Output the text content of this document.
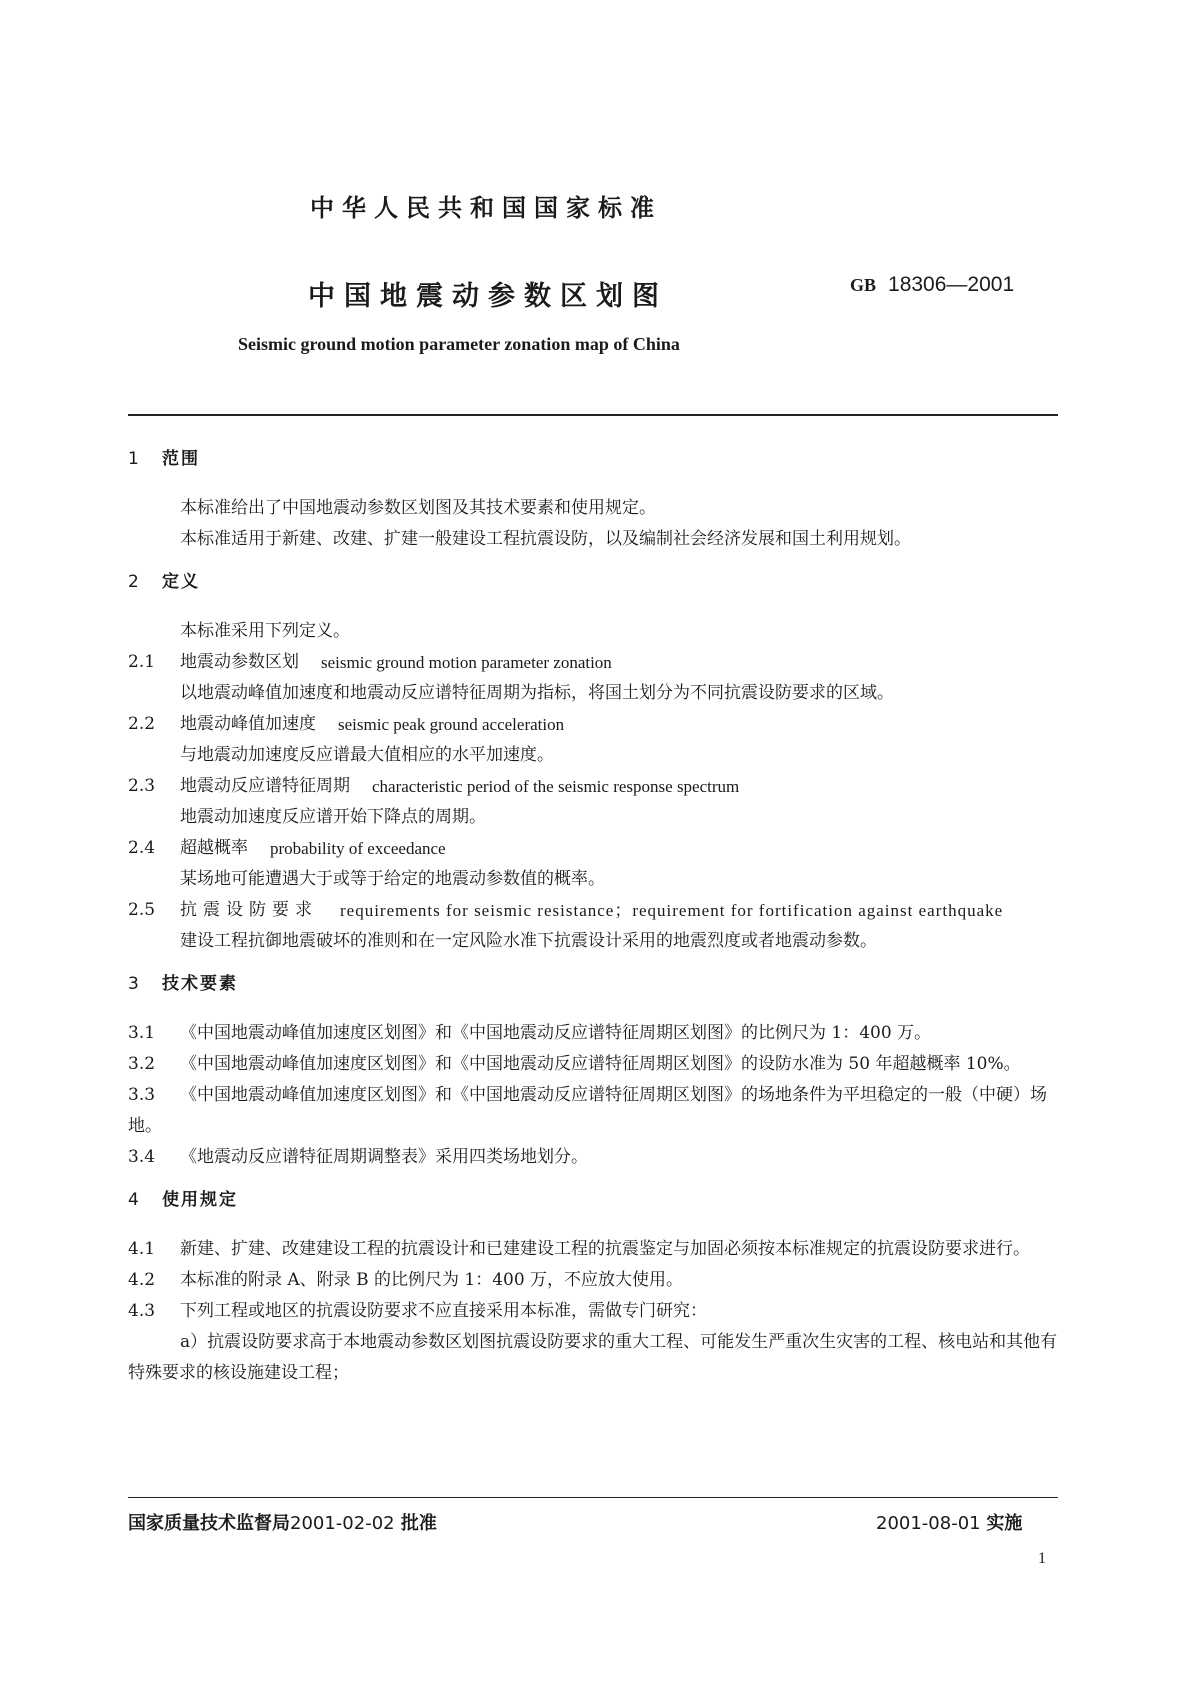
中华人民共和国国家标准
中国地震动参数区划图	GB 18306—2001
Seismic ground motion parameter zonation map of China
1 范围

本标准给出了中国地震动参数区划图及其技术要素和使用规定。

本标准适用于新建、改建、扩建一般建设工程抗震设防，以及编制社会经济发展和国土利用规划。

2 定义

本标准采用下列定义。

2.1	地震动参数区划 seismic ground motion parameter zonation

以地震动峰值加速度和地震动反应谱特征周期为指标，将国土划分为不同抗震设防要求的区域。

2.2	地震动峰值加速度 seismic peak ground acceleration

与地震动加速度反应谱最大值相应的水平加速度。

2.3	地震动反应谱特征周期 characteristic period of the seismic response spectrum

地震动加速度反应谱开始下降点的周期。

2.4	超越概率 probability of exceedance

某场地可能遭遇大于或等于给定的地震动参数值的概率。

2.5	抗震设防要求 requirements for seismic resistance；requirement for fortification against earthquake

建设工程抗御地震破坏的准则和在一定风险水准下抗震设计采用的地震烈度或者地震动参数。

3 技术要素

3.1 《中国地震动峰值加速度区划图》和《中国地震动反应谱特征周期区划图》的比例尺为 1：400 万。

3.2 《中国地震动峰值加速度区划图》和《中国地震动反应谱特征周期区划图》的设防水准为 50 年超越概率 10%。

3.3 《中国地震动峰值加速度区划图》和《中国地震动反应谱特征周期区划图》的场地条件为平坦稳定的一般（中硬）场地。

3.4 《地震动反应谱特征周期调整表》采用四类场地划分。

4 使用规定

4.1 新建、扩建、改建建设工程的抗震设计和已建建设工程的抗震鉴定与加固必须按本标准规定的抗震设防要求进行。

4.2 本标准的附录 A、附录 B 的比例尺为 1：400 万，不应放大使用。

4.3 下列工程或地区的抗震设防要求不应直接采用本标准，需做专门研究：

a）抗震设防要求高于本地震动参数区划图抗震设防要求的重大工程、可能发生严重次生灾害的工程、核电站和其他有特殊要求的核设施建设工程；

国家质量技术监督局2001-02-02 批准	2001-08-01 实施
1
